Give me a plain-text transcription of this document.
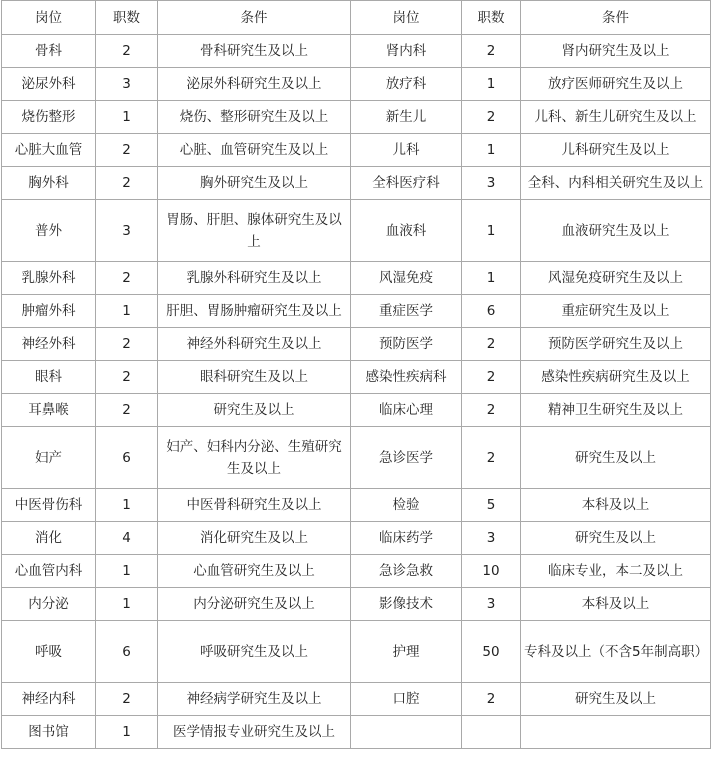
岗位	职数	条件	岗位	职数	条件
骨科	2	骨科研究生及以上	肾内科	2	肾内研究生及以上
泌尿外科	3	泌尿外科研究生及以上	放疗科	1	放疗医师研究生及以上
烧伤整形	1	烧伤、整形研究生及以上	新生儿	2	儿科、新生儿研究生及以上
心脏大血管	2	心脏、血管研究生及以上	儿科	1	儿科研究生及以上
胸外科	2	胸外研究生及以上	全科医疗科	3	全科、内科相关研究生及以上
普外	3	胃肠、肝胆、腺体研究生及以上	血液科	1	血液研究生及以上
乳腺外科	2	乳腺外科研究生及以上	风湿免疫	1	风湿免疫研究生及以上
肿瘤外科	1	肝胆、胃肠肿瘤研究生及以上	重症医学	6	重症研究生及以上
神经外科	2	神经外科研究生及以上	预防医学	2	预防医学研究生及以上
眼科	2	眼科研究生及以上	感染性疾病科	2	感染性疾病研究生及以上
耳鼻喉	2	研究生及以上	临床心理	2	精神卫生研究生及以上
妇产	6	妇产、妇科内分泌、生殖研究生及以上	急诊医学	2	研究生及以上
中医骨伤科	1	中医骨科研究生及以上	检验	5	本科及以上
消化	4	消化研究生及以上	临床药学	3	研究生及以上
心血管内科	1	心血管研究生及以上	急诊急救	10	临床专业，本二及以上
内分泌	1	内分泌研究生及以上	影像技术	3	本科及以上
呼吸	6	呼吸研究生及以上	护理	50	专科及以上（不含5年制高职）
神经内科	2	神经病学研究生及以上	口腔	2	研究生及以上
图书馆	1	医学情报专业研究生及以上			
